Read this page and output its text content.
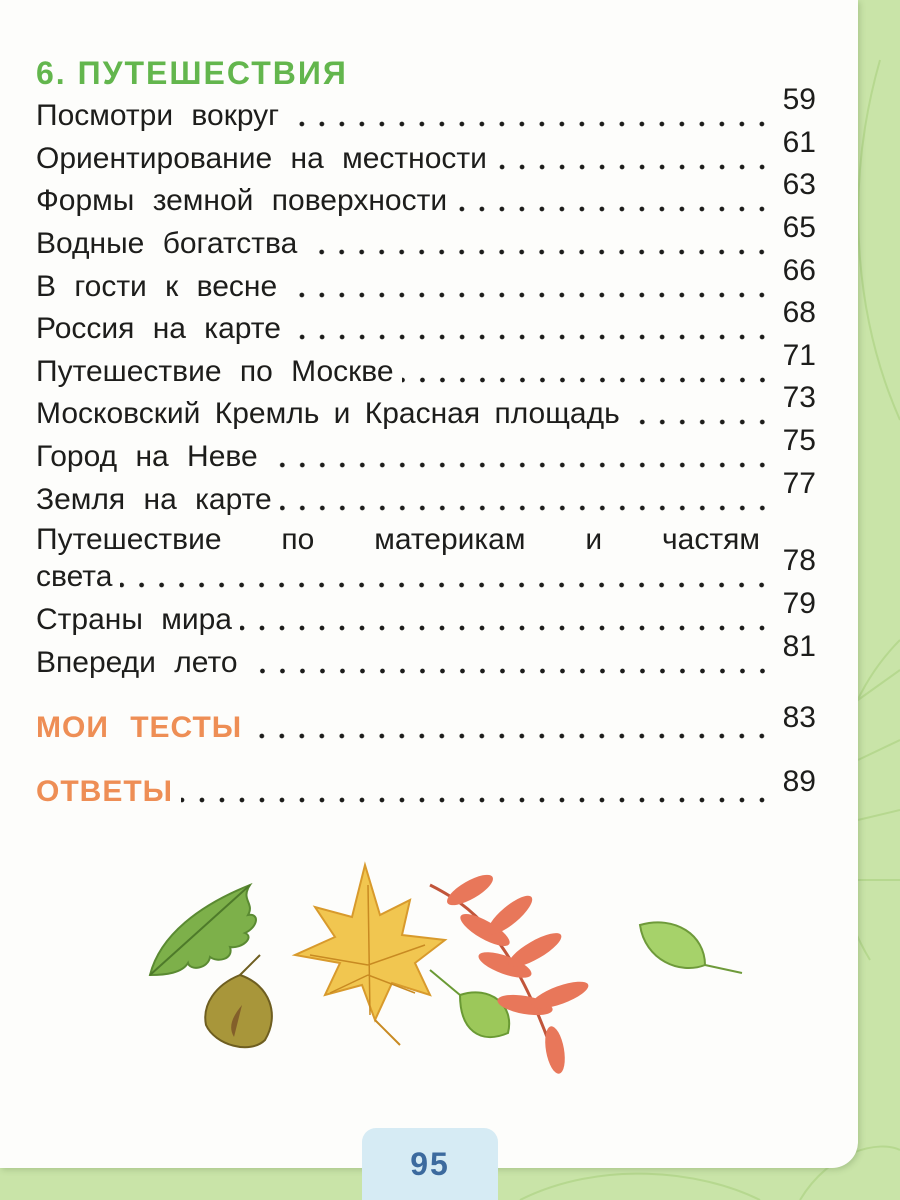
6. ПУТЕШЕСТВИЯ
Посмотри вокруг	59
Ориентирование на местности	61
Формы земной поверхности	63
Водные богатства	65
В гости к весне	66
Россия на карте	68
Путешествие по Москве	71
Московский Кремль и Красная площадь	73
Город на Неве	75
Земля на карте	77

Путешествие по материкам и частям

света	78
Страны мира	79
Впереди лето	81
МОИ ТЕСТЫ	83
ОТВЕТЫ	89
95
